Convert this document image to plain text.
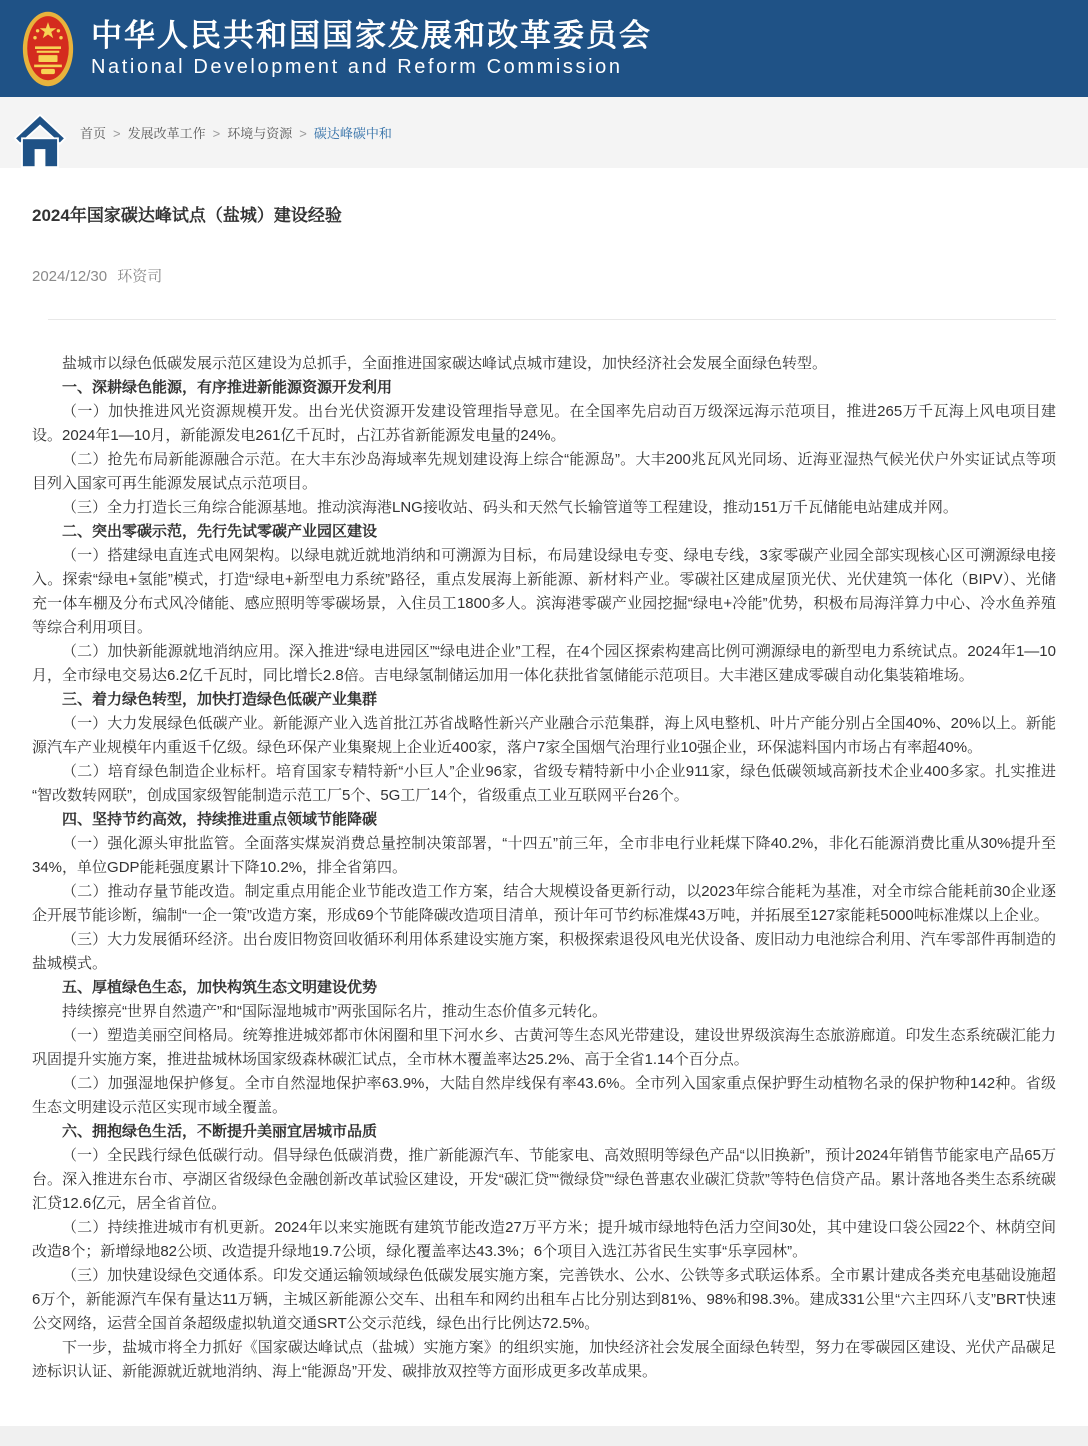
中华人民共和国国家发展和改革委员会
National Development and Reform Commission
首页 > 发展改革工作 > 环境与资源 > 碳达峰碳中和
2024年国家碳达峰试点（盐城）建设经验
2024/12/30 环资司

盐城市以绿色低碳发展示范区建设为总抓手，全面推进国家碳达峰试点城市建设，加快经济社会发展全面绿色转型。

一、深耕绿色能源，有序推进新能源资源开发利用

（一）加快推进风光资源规模开发。出台光伏资源开发建设管理指导意见。在全国率先启动百万级深远海示范项目，推进265万千瓦海上风电项目建设。2024年1—10月，新能源发电261亿千瓦时，占江苏省新能源发电量的24%。

（二）抢先布局新能源融合示范。在大丰东沙岛海域率先规划建设海上综合“能源岛”。大丰200兆瓦风光同场、近海亚湿热气候光伏户外实证试点等项目列入国家可再生能源发展试点示范项目。

（三）全力打造长三角综合能源基地。推动滨海港LNG接收站、码头和天然气长输管道等工程建设，推动151万千瓦储能电站建成并网。

二、突出零碳示范，先行先试零碳产业园区建设

（一）搭建绿电直连式电网架构。以绿电就近就地消纳和可溯源为目标，布局建设绿电专变、绿电专线，3家零碳产业园全部实现核心区可溯源绿电接入。探索“绿电+氢能”模式，打造“绿电+新型电力系统”路径，重点发展海上新能源、新材料产业。零碳社区建成屋顶光伏、光伏建筑一体化（BIPV）、光储充一体车棚及分布式风冷储能、感应照明等零碳场景，入住员工1800多人。滨海港零碳产业园挖掘“绿电+冷能”优势，积极布局海洋算力中心、冷水鱼养殖等综合利用项目。

（二）加快新能源就地消纳应用。深入推进“绿电进园区”“绿电进企业”工程，在4个园区探索构建高比例可溯源绿电的新型电力系统试点。2024年1—10月，全市绿电交易达6.2亿千瓦时，同比增长2.8倍。吉电绿氢制储运加用一体化获批省氢储能示范项目。大丰港区建成零碳自动化集装箱堆场。

三、着力绿色转型，加快打造绿色低碳产业集群

（一）大力发展绿色低碳产业。新能源产业入选首批江苏省战略性新兴产业融合示范集群，海上风电整机、叶片产能分别占全国40%、20%以上。新能源汽车产业规模年内重返千亿级。绿色环保产业集聚规上企业近400家，落户7家全国烟气治理行业10强企业，环保滤料国内市场占有率超40%。

（二）培育绿色制造企业标杆。培育国家专精特新“小巨人”企业96家，省级专精特新中小企业911家，绿色低碳领域高新技术企业400多家。扎实推进“智改数转网联”，创成国家级智能制造示范工厂5个、5G工厂14个，省级重点工业互联网平台26个。

四、坚持节约高效，持续推进重点领域节能降碳

（一）强化源头审批监管。全面落实煤炭消费总量控制决策部署，“十四五”前三年，全市非电行业耗煤下降40.2%，非化石能源消费比重从30%提升至34%，单位GDP能耗强度累计下降10.2%，排全省第四。

（二）推动存量节能改造。制定重点用能企业节能改造工作方案，结合大规模设备更新行动，以2023年综合能耗为基准，对全市综合能耗前30企业逐企开展节能诊断，编制“一企一策”改造方案，形成69个节能降碳改造项目清单，预计年可节约标准煤43万吨，并拓展至127家能耗5000吨标准煤以上企业。

（三）大力发展循环经济。出台废旧物资回收循环利用体系建设实施方案，积极探索退役风电光伏设备、废旧动力电池综合利用、汽车零部件再制造的盐城模式。

五、厚植绿色生态，加快构筑生态文明建设优势

持续擦亮“世界自然遗产”和“国际湿地城市”两张国际名片，推动生态价值多元转化。

（一）塑造美丽空间格局。统筹推进城郊都市休闲圈和里下河水乡、古黄河等生态风光带建设，建设世界级滨海生态旅游廊道。印发生态系统碳汇能力巩固提升实施方案，推进盐城林场国家级森林碳汇试点，全市林木覆盖率达25.2%、高于全省1.14个百分点。

（二）加强湿地保护修复。全市自然湿地保护率63.9%，大陆自然岸线保有率43.6%。全市列入国家重点保护野生动植物名录的保护物种142种。省级生态文明建设示范区实现市域全覆盖。

六、拥抱绿色生活，不断提升美丽宜居城市品质

（一）全民践行绿色低碳行动。倡导绿色低碳消费，推广新能源汽车、节能家电、高效照明等绿色产品“以旧换新”，预计2024年销售节能家电产品65万台。深入推进东台市、亭湖区省级绿色金融创新改革试验区建设，开发“碳汇贷”“微绿贷”“绿色普惠农业碳汇贷款”等特色信贷产品。累计落地各类生态系统碳汇贷12.6亿元，居全省首位。

（二）持续推进城市有机更新。2024年以来实施既有建筑节能改造27万平方米；提升城市绿地特色活力空间30处，其中建设口袋公园22个、林荫空间改造8个；新增绿地82公顷、改造提升绿地19.7公顷，绿化覆盖率达43.3%；6个项目入选江苏省民生实事“乐享园林”。

（三）加快建设绿色交通体系。印发交通运输领域绿色低碳发展实施方案，完善铁水、公水、公铁等多式联运体系。全市累计建成各类充电基础设施超6万个，新能源汽车保有量达11万辆，主城区新能源公交车、出租车和网约出租车占比分别达到81%、98%和98.3%。建成331公里“六主四环八支”BRT快速公交网络，运营全国首条超级虚拟轨道交通SRT公交示范线，绿色出行比例达72.5%。

下一步，盐城市将全力抓好《国家碳达峰试点（盐城）实施方案》的组织实施，加快经济社会发展全面绿色转型，努力在零碳园区建设、光伏产品碳足迹标识认证、新能源就近就地消纳、海上“能源岛”开发、碳排放双控等方面形成更多改革成果。
